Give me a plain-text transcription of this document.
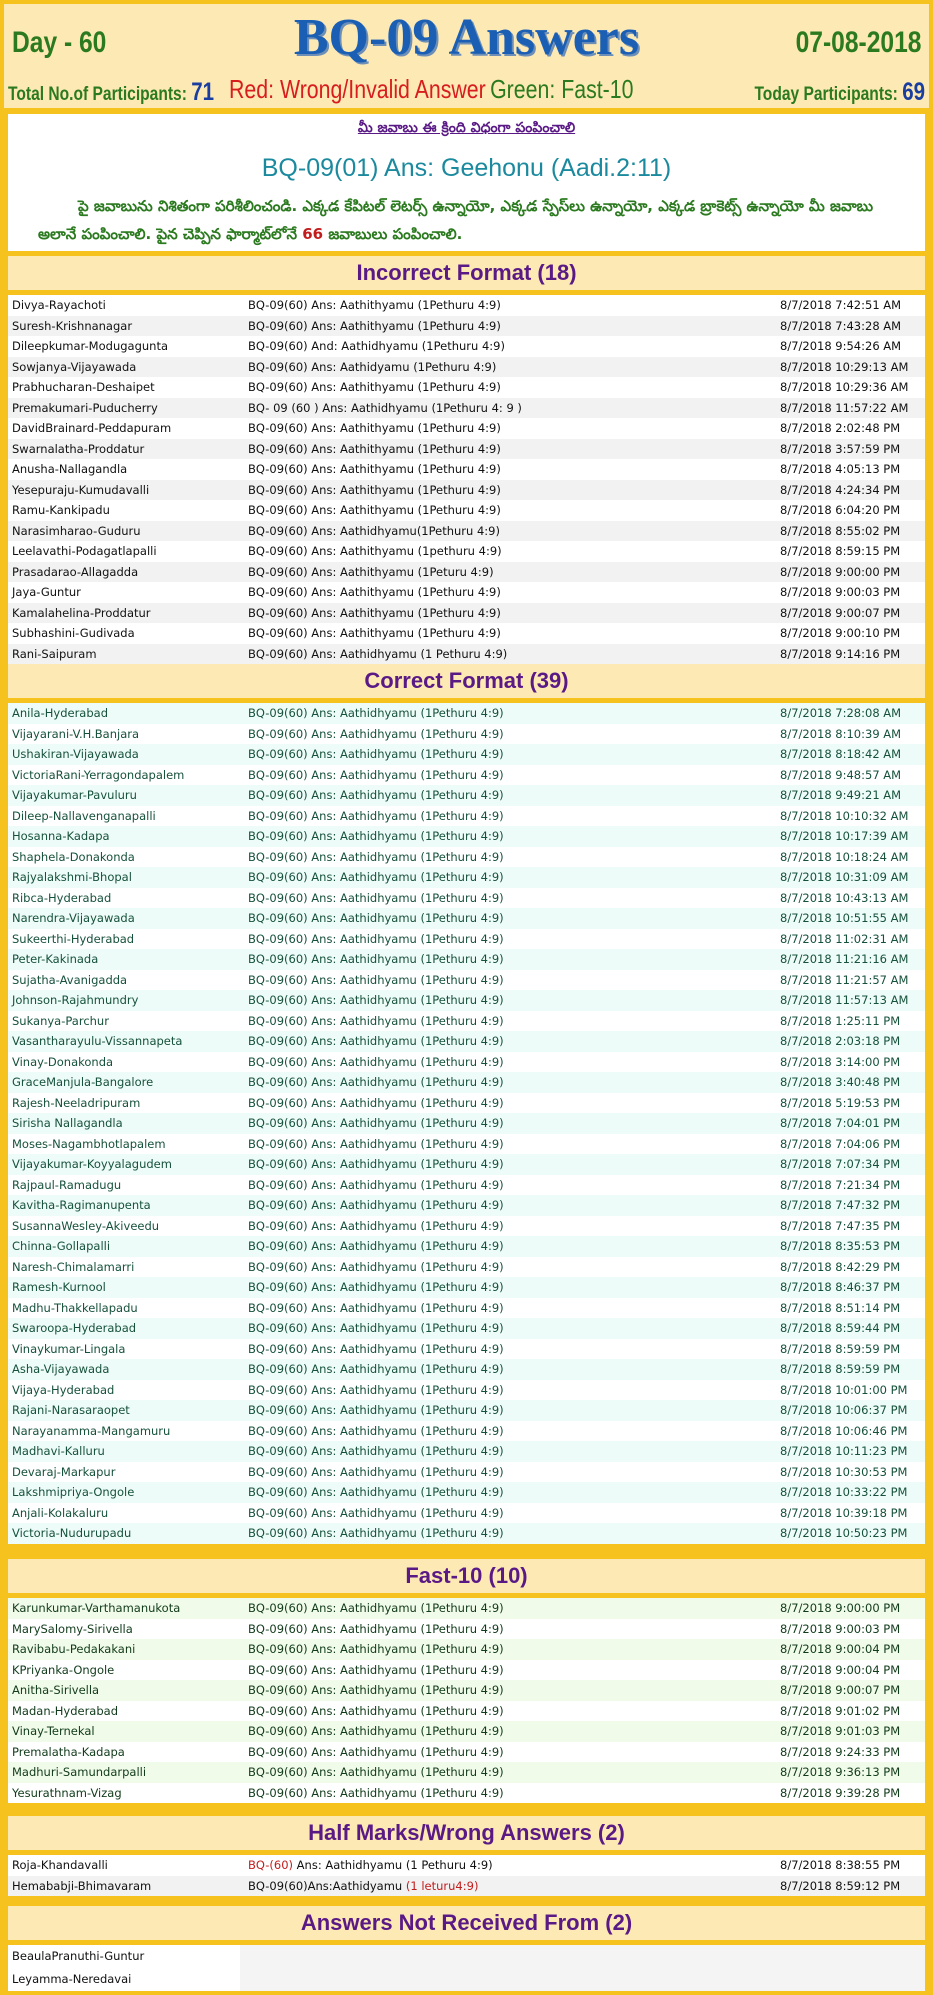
Day - 60	BQ-09 Answers	07-08-2018
Total No.of Participants: 71 Red: Wrong/Invalid Answer Green: Fast-10	Today Participants: 69
మీ జవాబు ఈ క్రింది విధంగా పంపించాలి
BQ-09(01) Ans: Geehonu (Aadi.2:11)
పై జవాబును నిశితంగా పరిశీలించండి. ఎక్కడ కేపిటల్ లెటర్స్ ఉన్నాయో, ఎక్కడ స్పేస్‌లు ఉన్నాయో, ఎక్కడ బ్రాకెట్స్ ఉన్నాయో మీ జవాబు అలానే పంపించాలి. పైన చెప్పిన ఫార్మాట్‌లోనే 66 జవాబులు పంపించాలి.
Incorrect Format (18)
Divya-Rayachoti	BQ-09(60) Ans: Aathithyamu (1Pethuru 4:9)	8/7/2018 7:42:51 AM
Suresh-Krishnanagar	BQ-09(60) Ans: Aathithyamu (1Pethuru 4:9)	8/7/2018 7:43:28 AM
Dileepkumar-Modugagunta	BQ-09(60) And: Aathidhyamu (1Pethuru 4:9)	8/7/2018 9:54:26 AM
Sowjanya-Vijayawada	BQ-09(60) Ans: Aathidyamu (1Pethuru 4:9)	8/7/2018 10:29:13 AM
Prabhucharan-Deshaipet	BQ-09(60) Ans: Aathithyamu (1Pethuru 4:9)	8/7/2018 10:29:36 AM
Premakumari-Puducherry	BQ- 09 (60 ) Ans: Aathidhyamu (1Pethuru 4: 9 )	8/7/2018 11:57:22 AM
DavidBrainard-Peddapuram	BQ-09(60) Ans: Aathithyamu (1Pethuru 4:9)	8/7/2018 2:02:48 PM
Swarnalatha-Proddatur	BQ-09(60) Ans: Aathithyamu (1Pethuru 4:9)	8/7/2018 3:57:59 PM
Anusha-Nallagandla	BQ-09(60) Ans: Aathithyamu (1Pethuru 4:9)	8/7/2018 4:05:13 PM
Yesepuraju-Kumudavalli	BQ-09(60) Ans: Aathithyamu (1Pethuru 4:9)	8/7/2018 4:24:34 PM
Ramu-Kankipadu	BQ-09(60) Ans: Aathithyamu (1Pethuru 4:9)	8/7/2018 6:04:20 PM
Narasimharao-Guduru	BQ-09(60) Ans: Aathidhyamu(1Pethuru 4:9)	8/7/2018 8:55:02 PM
Leelavathi-Podagatlapalli	BQ-09(60) Ans: Aathithyamu (1pethuru 4:9)	8/7/2018 8:59:15 PM
Prasadarao-Allagadda	BQ-09(60) Ans: Aathithyamu (1Peturu 4:9)	8/7/2018 9:00:00 PM
Jaya-Guntur	BQ-09(60) Ans: Aathithyamu (1Pethuru 4:9)	8/7/2018 9:00:03 PM
Kamalahelina-Proddatur	BQ-09(60) Ans: Aathithyamu (1Pethuru 4:9)	8/7/2018 9:00:07 PM
Subhashini-Gudivada	BQ-09(60) Ans: Aathithyamu (1Pethuru 4:9)	8/7/2018 9:00:10 PM
Rani-Saipuram	BQ-09(60) Ans: Aathidhyamu (1 Pethuru 4:9)	8/7/2018 9:14:16 PM
Correct Format (39)
Anila-Hyderabad	BQ-09(60) Ans: Aathidhyamu (1Pethuru 4:9)	8/7/2018 7:28:08 AM
Vijayarani-V.H.Banjara	BQ-09(60) Ans: Aathidhyamu (1Pethuru 4:9)	8/7/2018 8:10:39 AM
Ushakiran-Vijayawada	BQ-09(60) Ans: Aathidhyamu (1Pethuru 4:9)	8/7/2018 8:18:42 AM
VictoriaRani-Yerragondapalem	BQ-09(60) Ans: Aathidhyamu (1Pethuru 4:9)	8/7/2018 9:48:57 AM
Vijayakumar-Pavuluru	BQ-09(60) Ans: Aathidhyamu (1Pethuru 4:9)	8/7/2018 9:49:21 AM
Dileep-Nallavenganapalli	BQ-09(60) Ans: Aathidhyamu (1Pethuru 4:9)	8/7/2018 10:10:32 AM
Hosanna-Kadapa	BQ-09(60) Ans: Aathidhyamu (1Pethuru 4:9)	8/7/2018 10:17:39 AM
Shaphela-Donakonda	BQ-09(60) Ans: Aathidhyamu (1Pethuru 4:9)	8/7/2018 10:18:24 AM
Rajyalakshmi-Bhopal	BQ-09(60) Ans: Aathidhyamu (1Pethuru 4:9)	8/7/2018 10:31:09 AM
Ribca-Hyderabad	BQ-09(60) Ans: Aathidhyamu (1Pethuru 4:9)	8/7/2018 10:43:13 AM
Narendra-Vijayawada	BQ-09(60) Ans: Aathidhyamu (1Pethuru 4:9)	8/7/2018 10:51:55 AM
Sukeerthi-Hyderabad	BQ-09(60) Ans: Aathidhyamu (1Pethuru 4:9)	8/7/2018 11:02:31 AM
Peter-Kakinada	BQ-09(60) Ans: Aathidhyamu (1Pethuru 4:9)	8/7/2018 11:21:16 AM
Sujatha-Avanigadda	BQ-09(60) Ans: Aathidhyamu (1Pethuru 4:9)	8/7/2018 11:21:57 AM
Johnson-Rajahmundry	BQ-09(60) Ans: Aathidhyamu (1Pethuru 4:9)	8/7/2018 11:57:13 AM
Sukanya-Parchur	BQ-09(60) Ans: Aathidhyamu (1Pethuru 4:9)	8/7/2018 1:25:11 PM
Vasantharayulu-Vissannapeta	BQ-09(60) Ans: Aathidhyamu (1Pethuru 4:9)	8/7/2018 2:03:18 PM
Vinay-Donakonda	BQ-09(60) Ans: Aathidhyamu (1Pethuru 4:9)	8/7/2018 3:14:00 PM
GraceManjula-Bangalore	BQ-09(60) Ans: Aathidhyamu (1Pethuru 4:9)	8/7/2018 3:40:48 PM
Rajesh-Neeladripuram	BQ-09(60) Ans: Aathidhyamu (1Pethuru 4:9)	8/7/2018 5:19:53 PM
Sirisha Nallagandla	BQ-09(60) Ans: Aathidhyamu (1Pethuru 4:9)	8/7/2018 7:04:01 PM
Moses-Nagambhotlapalem	BQ-09(60) Ans: Aathidhyamu (1Pethuru 4:9)	8/7/2018 7:04:06 PM
Vijayakumar-Koyyalagudem	BQ-09(60) Ans: Aathidhyamu (1Pethuru 4:9)	8/7/2018 7:07:34 PM
Rajpaul-Ramadugu	BQ-09(60) Ans: Aathidhyamu (1Pethuru 4:9)	8/7/2018 7:21:34 PM
Kavitha-Ragimanupenta	BQ-09(60) Ans: Aathidhyamu (1Pethuru 4:9)	8/7/2018 7:47:32 PM
SusannaWesley-Akiveedu	BQ-09(60) Ans: Aathidhyamu (1Pethuru 4:9)	8/7/2018 7:47:35 PM
Chinna-Gollapalli	BQ-09(60) Ans: Aathidhyamu (1Pethuru 4:9)	8/7/2018 8:35:53 PM
Naresh-Chimalamarri	BQ-09(60) Ans: Aathidhyamu (1Pethuru 4:9)	8/7/2018 8:42:29 PM
Ramesh-Kurnool	BQ-09(60) Ans: Aathidhyamu (1Pethuru 4:9)	8/7/2018 8:46:37 PM
Madhu-Thakkellapadu	BQ-09(60) Ans: Aathidhyamu (1Pethuru 4:9)	8/7/2018 8:51:14 PM
Swaroopa-Hyderabad	BQ-09(60) Ans: Aathidhyamu (1Pethuru 4:9)	8/7/2018 8:59:44 PM
Vinaykumar-Lingala	BQ-09(60) Ans: Aathidhyamu (1Pethuru 4:9)	8/7/2018 8:59:59 PM
Asha-Vijayawada	BQ-09(60) Ans: Aathidhyamu (1Pethuru 4:9)	8/7/2018 8:59:59 PM
Vijaya-Hyderabad	BQ-09(60) Ans: Aathidhyamu (1Pethuru 4:9)	8/7/2018 10:01:00 PM
Rajani-Narasaraopet	BQ-09(60) Ans: Aathidhyamu (1Pethuru 4:9)	8/7/2018 10:06:37 PM
Narayanamma-Mangamuru	BQ-09(60) Ans: Aathidhyamu (1Pethuru 4:9)	8/7/2018 10:06:46 PM
Madhavi-Kalluru	BQ-09(60) Ans: Aathidhyamu (1Pethuru 4:9)	8/7/2018 10:11:23 PM
Devaraj-Markapur	BQ-09(60) Ans: Aathidhyamu (1Pethuru 4:9)	8/7/2018 10:30:53 PM
Lakshmipriya-Ongole	BQ-09(60) Ans: Aathidhyamu (1Pethuru 4:9)	8/7/2018 10:33:22 PM
Anjali-Kolakaluru	BQ-09(60) Ans: Aathidhyamu (1Pethuru 4:9)	8/7/2018 10:39:18 PM
Victoria-Nudurupadu	BQ-09(60) Ans: Aathidhyamu (1Pethuru 4:9)	8/7/2018 10:50:23 PM
Fast-10 (10)
Karunkumar-Varthamanukota	BQ-09(60) Ans: Aathidhyamu (1Pethuru 4:9)	8/7/2018 9:00:00 PM
MarySalomy-Sirivella	BQ-09(60) Ans: Aathidhyamu (1Pethuru 4:9)	8/7/2018 9:00:03 PM
Ravibabu-Pedakakani	BQ-09(60) Ans: Aathidhyamu (1Pethuru 4:9)	8/7/2018 9:00:04 PM
KPriyanka-Ongole	BQ-09(60) Ans: Aathidhyamu (1Pethuru 4:9)	8/7/2018 9:00:04 PM
Anitha-Sirivella	BQ-09(60) Ans: Aathidhyamu (1Pethuru 4:9)	8/7/2018 9:00:07 PM
Madan-Hyderabad	BQ-09(60) Ans: Aathidhyamu (1Pethuru 4:9)	8/7/2018 9:01:02 PM
Vinay-Ternekal	BQ-09(60) Ans: Aathidhyamu (1Pethuru 4:9)	8/7/2018 9:01:03 PM
Premalatha-Kadapa	BQ-09(60) Ans: Aathidhyamu (1Pethuru 4:9)	8/7/2018 9:24:33 PM
Madhuri-Samundarpalli	BQ-09(60) Ans: Aathidhyamu (1Pethuru 4:9)	8/7/2018 9:36:13 PM
Yesurathnam-Vizag	BQ-09(60) Ans: Aathidhyamu (1Pethuru 4:9)	8/7/2018 9:39:28 PM
Half Marks/Wrong Answers (2)
Roja-Khandavalli	BQ-(60) Ans: Aathidhyamu (1 Pethuru 4:9)	8/7/2018 8:38:55 PM
Hemababji-Bhimavaram	BQ-09(60)Ans:Aathidyamu (1 leturu4:9)	8/7/2018 8:59:12 PM
Answers Not Received From (2)
BeaulaPranuthi-Guntur
Leyamma-Neredavai
